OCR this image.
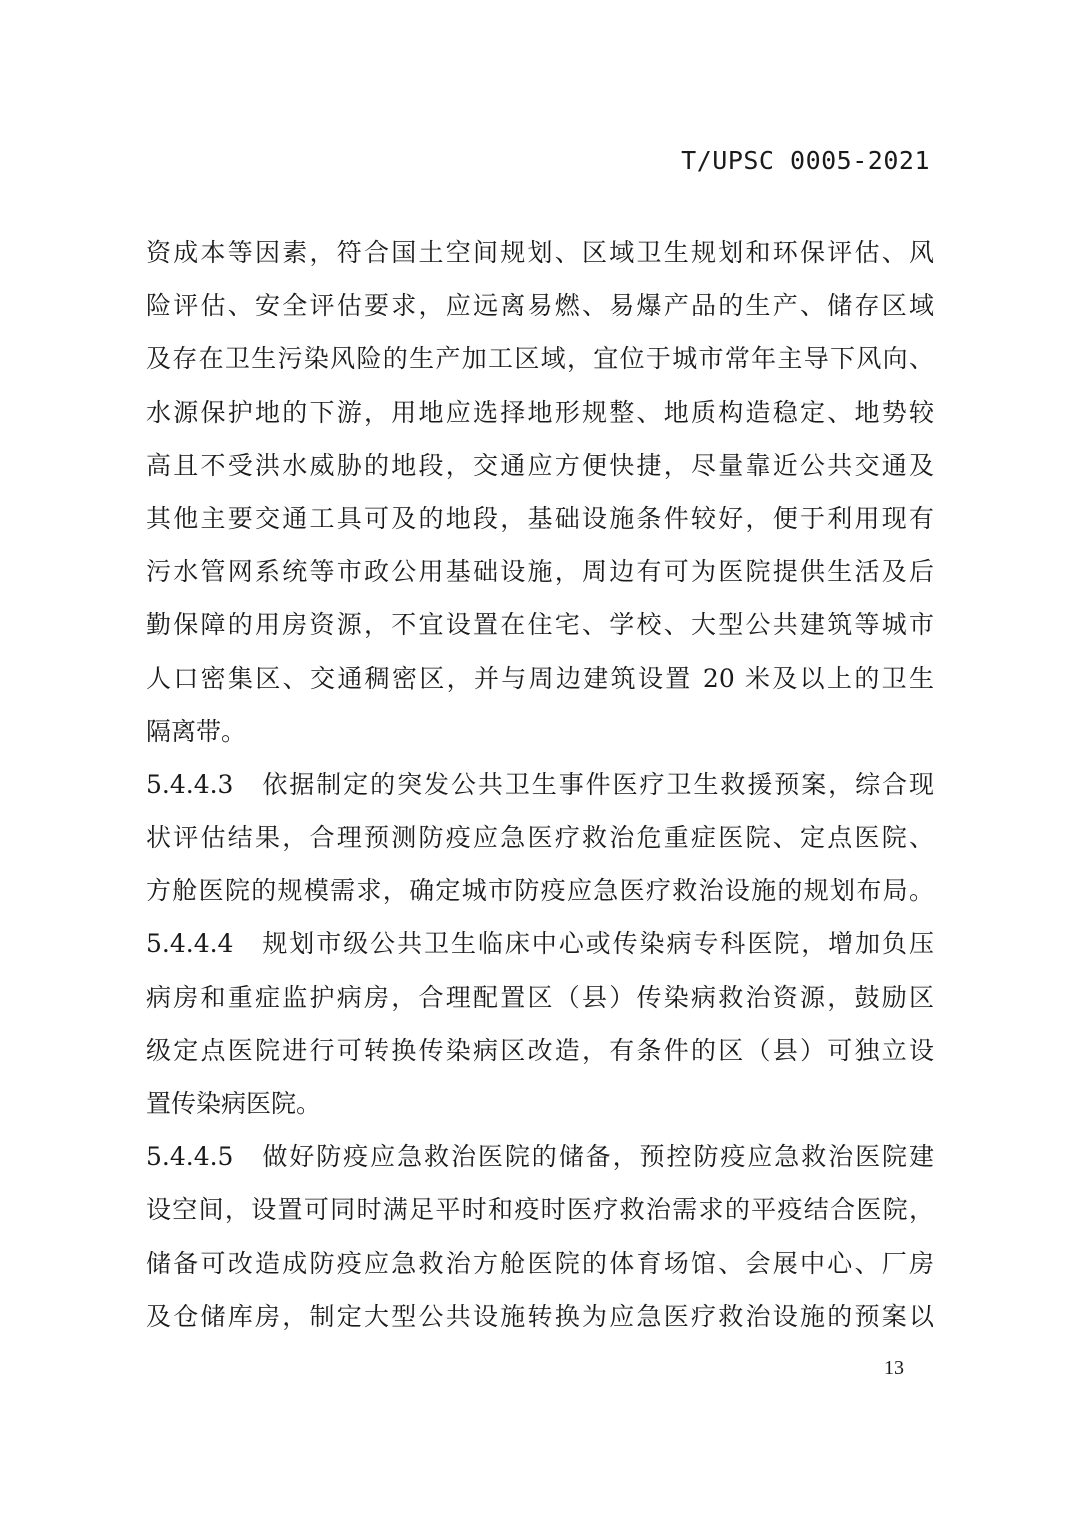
T/UPSC 0005-2021
资成本等因素，符合国土空间规划、区域卫生规划和环保评估、风
险评估、安全评估要求，应远离易燃、易爆产品的生产、储存区域
及存在卫生污染风险的生产加工区域，宜位于城市常年主导下风向、
水源保护地的下游，用地应选择地形规整、地质构造稳定、地势较
高且不受洪水威胁的地段，交通应方便快捷，尽量靠近公共交通及
其他主要交通工具可及的地段，基础设施条件较好，便于利用现有
污水管网系统等市政公用基础设施，周边有可为医院提供生活及后
勤保障的用房资源，不宜设置在住宅、学校、大型公共建筑等城市
人口密集区、交通稠密区，并与周边建筑设置 20 米及以上的卫生
隔离带。
5.4.4.3　依据制定的突发公共卫生事件医疗卫生救援预案，综合现
状评估结果，合理预测防疫应急医疗救治危重症医院、定点医院、
方舱医院的规模需求，确定城市防疫应急医疗救治设施的规划布局。
5.4.4.4　规划市级公共卫生临床中心或传染病专科医院，增加负压
病房和重症监护病房，合理配置区（县）传染病救治资源，鼓励区
级定点医院进行可转换传染病区改造，有条件的区（县）可独立设
置传染病医院。
5.4.4.5　做好防疫应急救治医院的储备，预控防疫应急救治医院建
设空间，设置可同时满足平时和疫时医疗救治需求的平疫结合医院，
储备可改造成防疫应急救治方舱医院的体育场馆、会展中心、厂房
及仓储库房，制定大型公共设施转换为应急医疗救治设施的预案以
13
